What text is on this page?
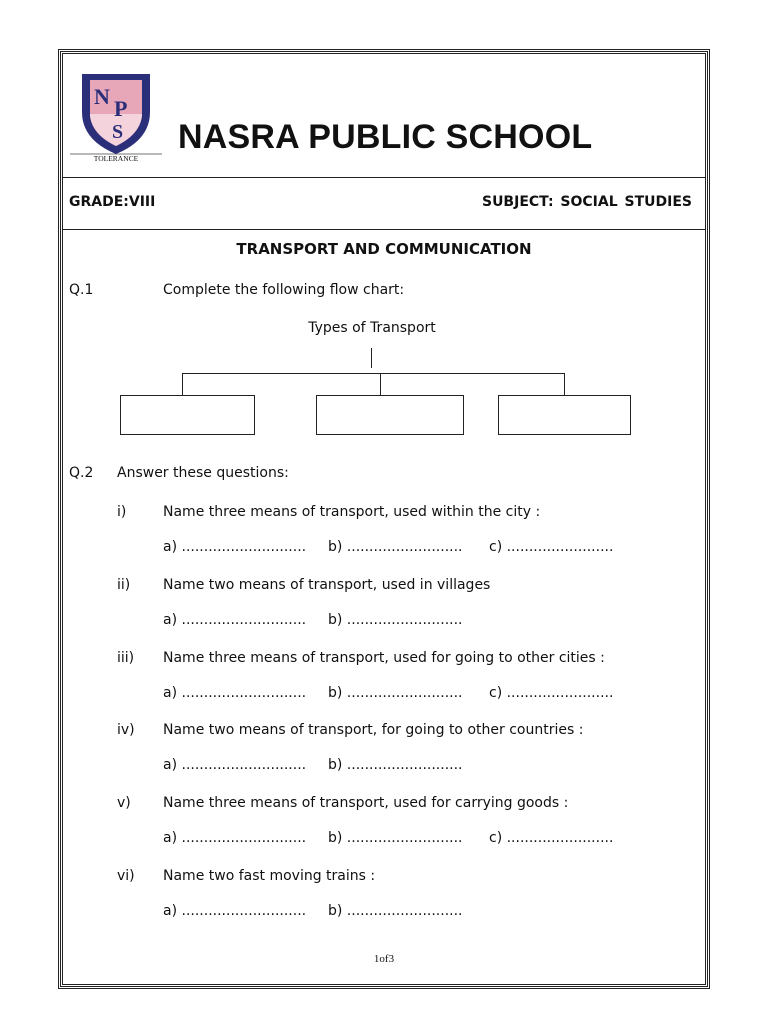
N P
S
TOLERANCE
NASRA PUBLIC SCHOOL
GRADE:VIII	SUBJECT: SOCIAL STUDIES
TRANSPORT AND COMMUNICATION
Q.1	Complete the following flow chart:
Types of Transport
Q.2 Answer these questions:
i)	Name three means of transport, used within the city :
a) ............................ b) .......................... c) ........................
ii) Name two means of transport, used in villages
a) ............................ b) ..........................
iii) Name three means of transport, used for going to other cities :
a) ............................ b) .......................... c) ........................
iv) Name two means of transport, for going to other countries :
a) ............................ b) ..........................
v) Name three means of transport, used for carrying goods :
a) ............................ b) .......................... c) ........................
vi) Name two fast moving trains :
a) ............................ b) ..........................
1of3
